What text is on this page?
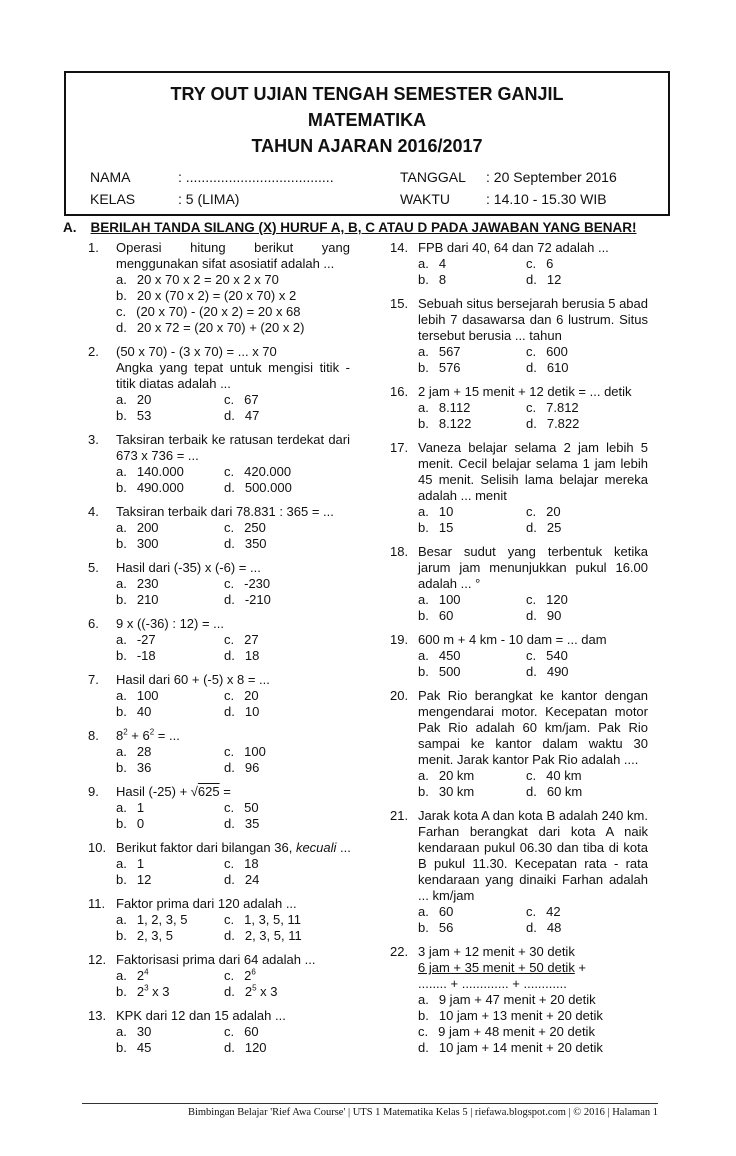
TRY OUT UJIAN TENGAH SEMESTER GANJIL
MATEMATIKA
TAHUN AJARAN 2016/2017
NAMA	: ......................................
KELAS	: 5 (LIMA)
TANGGAL : 20 September 2016
WAKTU	: 14.10 - 15.30 WIB
A. BERILAH TANDA SILANG (X) HURUF A, B, C ATAU D PADA JAWABAN YANG BENAR!
1.	Operasi hitung berikut yang menggunakan sifat asosiatif adalah ...
a. 20 x 70 x 2 = 20 x 2 x 70
b. 20 x (70 x 2) = (20 x 70) x 2
c. (20 x 70) - (20 x 2) = 20 x 68
d. 20 x 72 = (20 x 70) + (20 x 2)
2.	(50 x 70) - (3 x 70) = ... x 70
Angka yang tepat untuk mengisi titik - titik diatas adalah ...
a. 20	c. 67
b. 53	d. 47
3.	Taksiran terbaik ke ratusan terdekat dari 673 x 736 = ...
a. 140.000	c. 420.000
b. 490.000	d. 500.000
4.	Taksiran terbaik dari 78.831 : 365 = ...
a. 200	c. 250
b. 300	d. 350
5.	Hasil dari (-35) x (-6) = ...
a. 230	c. -230
b. 210	d. -210
6.	9 x ((-36) : 12) = ...
a. -27	c. 27
b. -18	d. 18
7.	Hasil dari 60 + (-5) x 8 = ...
a. 100	c. 20
b. 40	d. 10
8.	$8^2 + 6^2$ = ...
a. 28	c. 100
b. 36	d. 96
9.	Hasil (-25) + √625 =
a. 1	c. 50
b. 0	d. 35
10. Berikut faktor dari bilangan 36, kecuali ...
a. 1	c. 18
b. 12	d. 24
11. Faktor prima dari 120 adalah ...
a. 1, 2, 3, 5	c. 1, 3, 5, 11
b. 2, 3, 5	d. 2, 3, 5, 11
12. Faktorisasi prima dari 64 adalah ...
a. $2^4$	c. $2^6$
b. $2^3$ x 3	d. $2^5$ x 3
13. KPK dari 12 dan 15 adalah ...
a. 30	c. 60
b. 45	d. 120
14. FPB dari 40, 64 dan 72 adalah ...
a. 4	c. 6
b. 8	d. 12
15. Sebuah situs bersejarah berusia 5 abad lebih 7 dasawarsa dan 6 lustrum. Situs tersebut berusia ... tahun
a. 567	c. 600
b. 576	d. 610
16. 2 jam + 15 menit + 12 detik = ... detik
a. 8.112	c. 7.812
b. 8.122	d. 7.822
17. Vaneza belajar selama 2 jam lebih 5 menit. Cecil belajar selama 1 jam lebih 45 menit. Selisih lama belajar mereka adalah ... menit
a. 10	c. 20
b. 15	d. 25
18. Besar sudut yang terbentuk ketika jarum jam menunjukkan pukul 16.00 adalah ... °
a. 100	c. 120
b. 60	d. 90
19. 600 m + 4 km - 10 dam = ... dam
a. 450	c. 540
b. 500	d. 490
20. Pak Rio berangkat ke kantor dengan mengendarai motor. Kecepatan motor Pak Rio adalah 60 km/jam. Pak Rio sampai ke kantor dalam waktu 30 menit. Jarak kantor Pak Rio adalah ....
a. 20 km	c. 40 km
b. 30 km	d. 60 km
21. Jarak kota A dan kota B adalah 240 km. Farhan berangkat dari kota A naik kendaraan pukul 06.30 dan tiba di kota B pukul 11.30. Kecepatan rata - rata kendaraan yang dinaiki Farhan adalah ... km/jam
a. 60	c. 42
b. 56	d. 48
22. 3 jam + 12 menit + 30 detik
6 jam + 35 menit + 50 detik +
........ + ............. + ............
a. 9 jam + 47 menit + 20 detik
b. 10 jam + 13 menit + 20 detik
c. 9 jam + 48 menit + 20 detik
d. 10 jam + 14 menit + 20 detik
Bimbingan Belajar 'Rief Awa Course' | UTS 1 Matematika Kelas 5 | riefawa.blogspot.com | © 2016 | Halaman 1
